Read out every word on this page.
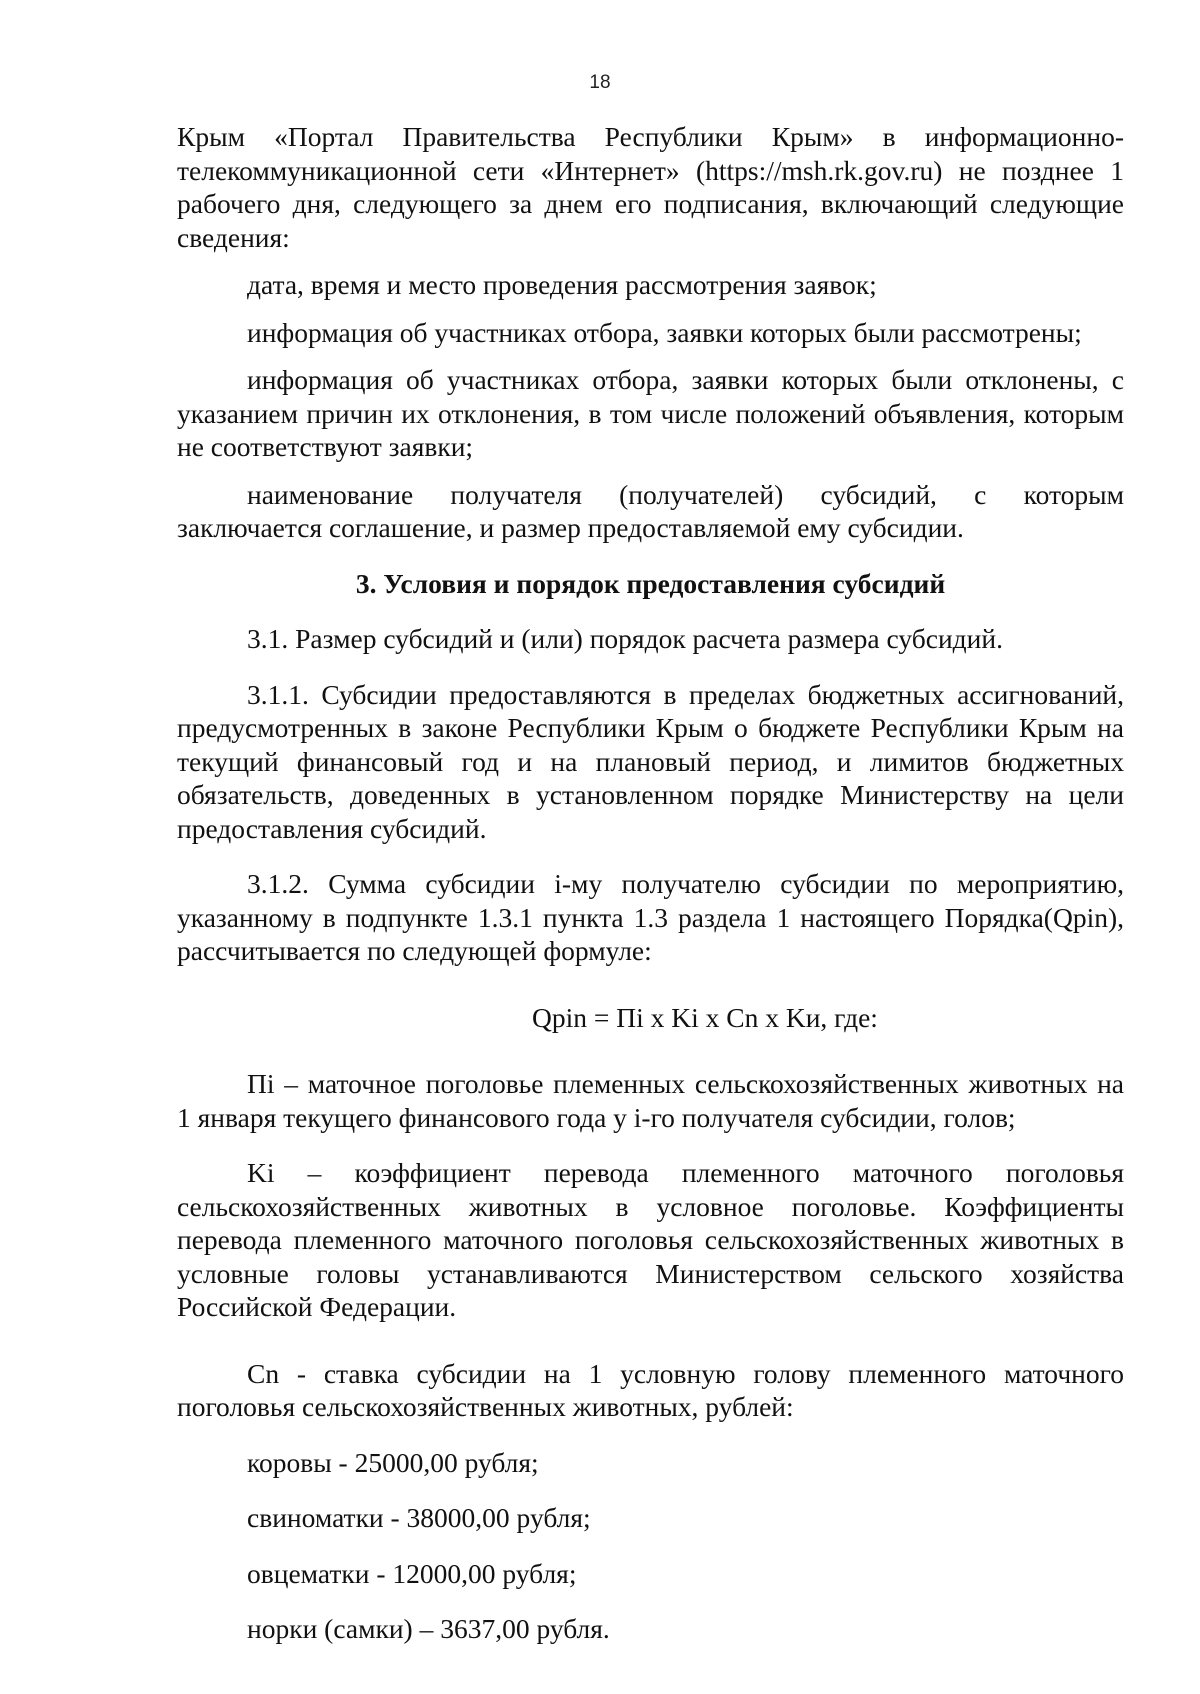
18

Крым «Портал Правительства Республики Крым» в информационно-телекоммуникационной сети «Интернет» (https://msh.rk.gov.ru) не позднее 1 рабочего дня, следующего за днем его подписания, включающий следующие сведения:

дата, время и место проведения рассмотрения заявок;

информация об участниках отбора, заявки которых были рассмотрены;

информация об участниках отбора, заявки которых были отклонены, с указанием причин их отклонения, в том числе положений объявления, которым не соответствуют заявки;

наименование получателя (получателей) субсидий, с которым заключается соглашение, и размер предоставляемой ему субсидии.

3. Условия и порядок предоставления субсидий

3.1. Размер субсидий и (или) порядок расчета размера субсидий.

3.1.1. Субсидии предоставляются в пределах бюджетных ассигнований, предусмотренных в законе Республики Крым о бюджете Республики Крым на текущий финансовый год и на плановый период, и лимитов бюджетных обязательств, доведенных в установленном порядке Министерству на цели предоставления субсидий.

3.1.2. Сумма субсидии i-му получателю субсидии по мероприятию, указанному в подпункте 1.3.1 пункта 1.3 раздела 1 настоящего Порядка(Qpin), рассчитывается по следующей формуле:

Qpin = Пi x Ki x Cn x Kи, где:

Пi – маточное поголовье племенных сельскохозяйственных животных на 1 января текущего финансового года у i-го получателя субсидии, голов;

Ki – коэффициент перевода племенного маточного поголовья сельскохозяйственных животных в условное поголовье. Коэффициенты перевода племенного маточного поголовья сельскохозяйственных животных в условные головы устанавливаются Министерством сельского хозяйства Российской Федерации.

Cn - ставка субсидии на 1 условную голову племенного маточного поголовья сельскохозяйственных животных, рублей:

коровы - 25000,00 рубля;

свиноматки - 38000,00 рубля;

овцематки - 12000,00 рубля;

норки (самки) – 3637,00 рубля.
